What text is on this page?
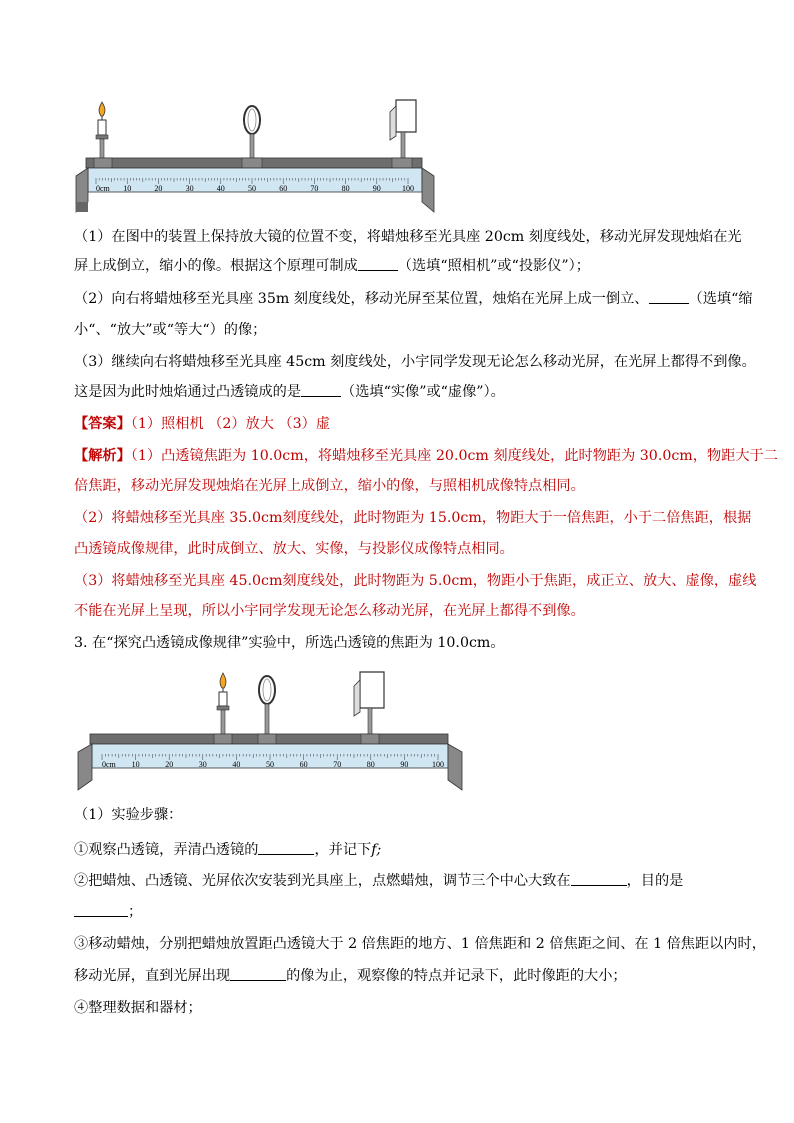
0cm 10	20	30	40	50	60	70	80	90	100
（1）在图中的装置上保持放大镜的位置不变，将蜡烛移至光具座 20cm 刻度线处，移动光屏发现烛焰在光
屏上成倒立，缩小的像。根据这个原理可制成	（选填“照相机”或“投影仪”）；
（2）向右将蜡烛移至光具座 35m 刻度线处，移动光屏至某位置，烛焰在光屏上成一倒立、	（选填“缩
小“、“放大”或“等大“）的像；
（3）继续向右将蜡烛移至光具座 45cm 刻度线处，小宇同学发现无论怎么移动光屏，在光屏上都得不到像。
这是因为此时烛焰通过凸透镜成的是	（选填“实像”或“虚像”）。
【答案】（1）照相机 （2）放大 （3）虚
【解析】（1）凸透镜焦距为 10.0cm，将蜡烛移至光具座 20.0cm 刻度线处，此时物距为 30.0cm，物距大于二
倍焦距，移动光屏发现烛焰在光屏上成倒立，缩小的像，与照相机成像特点相同。
（2）将蜡烛移至光具座 35.0cm刻度线处，此时物距为 15.0cm，物距大于一倍焦距，小于二倍焦距，根据
凸透镜成像规律，此时成倒立、放大、实像，与投影仪成像特点相同。
（3）将蜡烛移至光具座 45.0cm刻度线处，此时物距为 5.0cm，物距小于焦距，成正立、放大、虚像，虚线
不能在光屏上呈现，所以小宇同学发现无论怎么移动光屏，在光屏上都得不到像。
3. 在“探究凸透镜成像规律”实验中，所选凸透镜的焦距为 10.0cm。
0cm 10	20	30	40	50	60	70	80	90	100
（1）实验步骤：
①观察凸透镜，弄清凸透镜的	，并记下f;
②把蜡烛、凸透镜、光屏依次安装到光具座上，点燃蜡烛，调节三个中心大致在	，目的是
；
③移动蜡烛，分别把蜡烛放置距凸透镜大于 2 倍焦距的地方、1 倍焦距和 2 倍焦距之间、在 1 倍焦距以内时，
移动光屏，直到光屏出现	的像为止，观察像的特点并记录下，此时像距的大小；
④整理数据和器材；
